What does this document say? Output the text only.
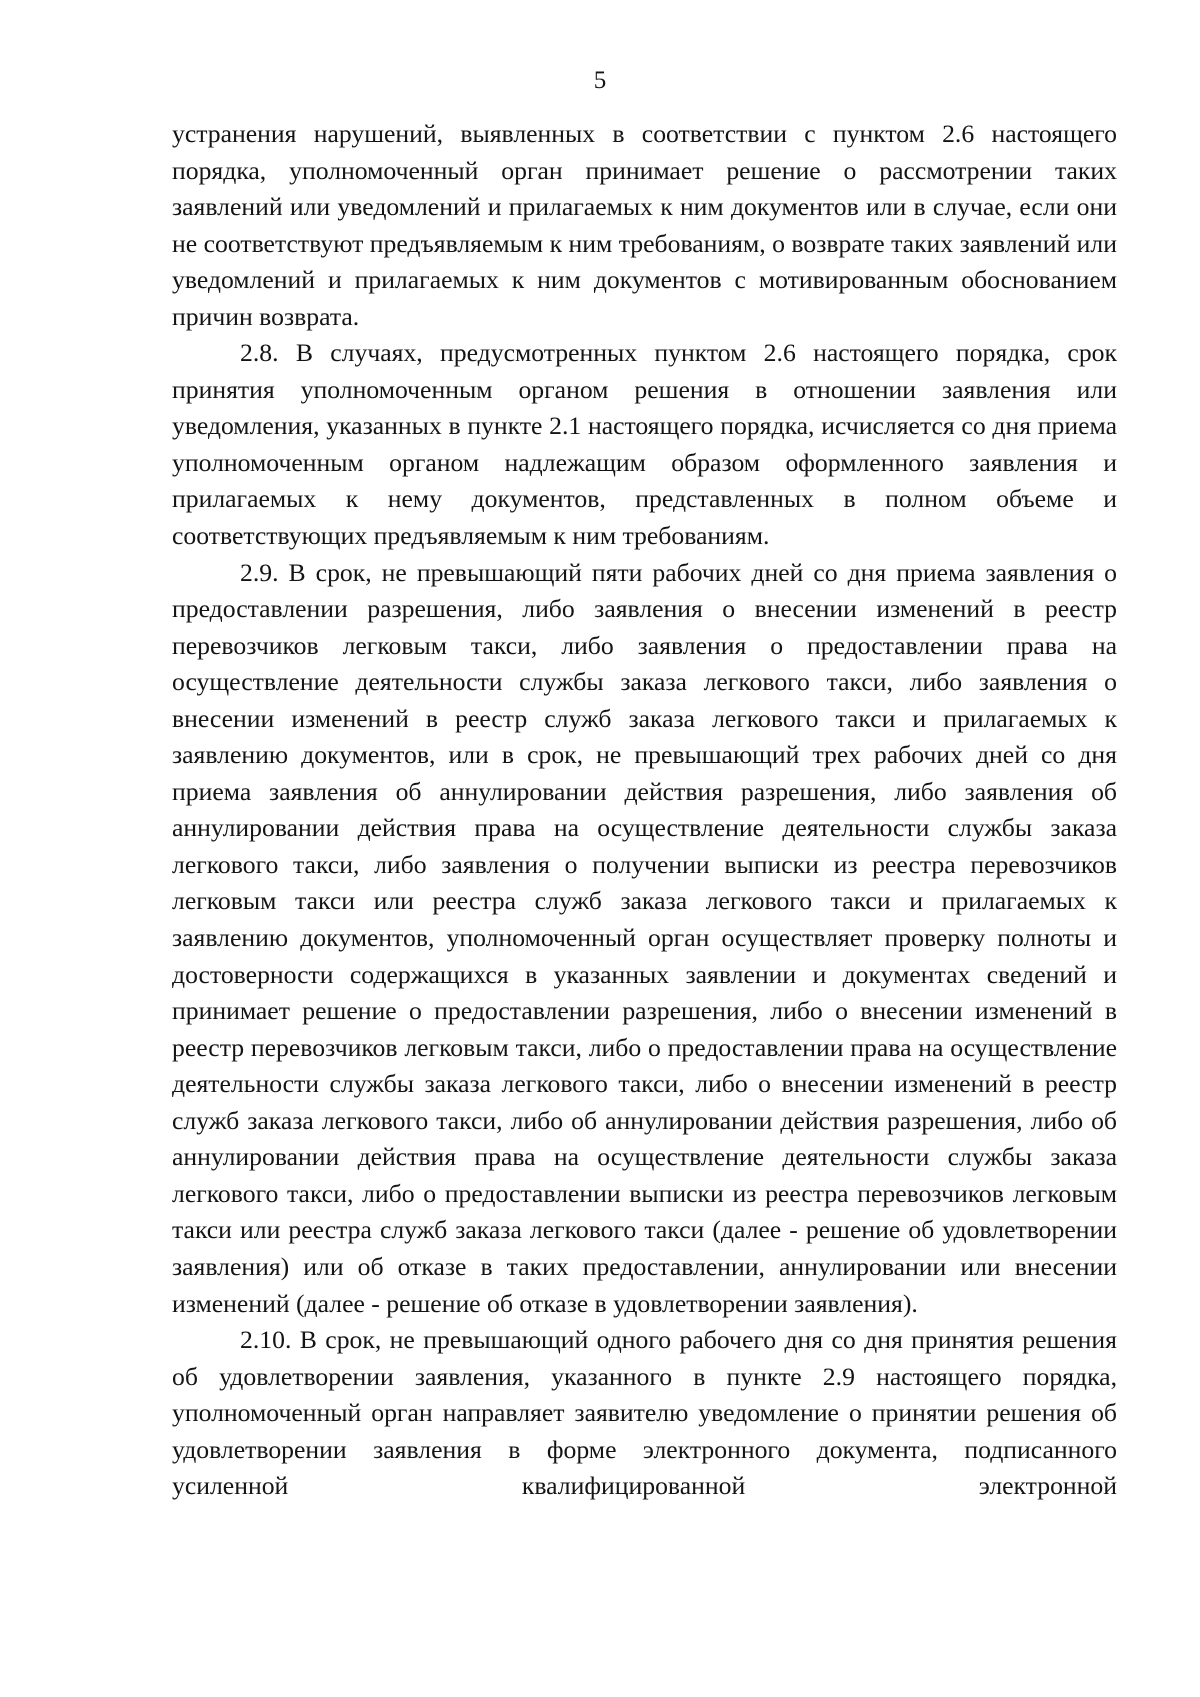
5

устранения нарушений, выявленных в соответствии с пунктом 2.6 настоящего порядка, уполномоченный орган принимает решение о рассмотрении таких заявлений или уведомлений и прилагаемых к ним документов или в случае, если они не соответствуют предъявляемым к ним требованиям, о возврате таких заявлений или уведомлений и прилагаемых к ним документов с мотивированным обоснованием причин возврата.

2.8. В случаях, предусмотренных пунктом 2.6 настоящего порядка, срок принятия уполномоченным органом решения в отношении заявления или уведомления, указанных в пункте 2.1 настоящего порядка, исчисляется со дня приема уполномоченным органом надлежащим образом оформленного заявления и прилагаемых к нему документов, представленных в полном объеме и соответствующих предъявляемым к ним требованиям.

2.9. В срок, не превышающий пяти рабочих дней со дня приема заявления о предоставлении разрешения, либо заявления о внесении изменений в реестр перевозчиков легковым такси, либо заявления о предоставлении права на осуществление деятельности службы заказа легкового такси, либо заявления о внесении изменений в реестр служб заказа легкового такси и прилагаемых к заявлению документов, или в срок, не превышающий трех рабочих дней со дня приема заявления об аннулировании действия разрешения, либо заявления об аннулировании действия права на осуществление деятельности службы заказа легкового такси, либо заявления о получении выписки из реестра перевозчиков легковым такси или реестра служб заказа легкового такси и прилагаемых к заявлению документов, уполномоченный орган осуществляет проверку полноты и достоверности содержащихся в указанных заявлении и документах сведений и принимает решение о предоставлении разрешения, либо о внесении изменений в реестр перевозчиков легковым такси, либо о предоставлении права на осуществление деятельности службы заказа легкового такси, либо о внесении изменений в реестр служб заказа легкового такси, либо об аннулировании действия разрешения, либо об аннулировании действия права на осуществление деятельности службы заказа легкового такси, либо о предоставлении выписки из реестра перевозчиков легковым такси или реестра служб заказа легкового такси (далее - решение об удовлетворении заявления) или об отказе в таких предоставлении, аннулировании или внесении изменений (далее - решение об отказе в удовлетворении заявления).

2.10. В срок, не превышающий одного рабочего дня со дня принятия решения об удовлетворении заявления, указанного в пункте 2.9 настоящего порядка, уполномоченный орган направляет заявителю уведомление о принятии решения об удовлетворении заявления в форме электронного документа, подписанного усиленной квалифицированной электронной
